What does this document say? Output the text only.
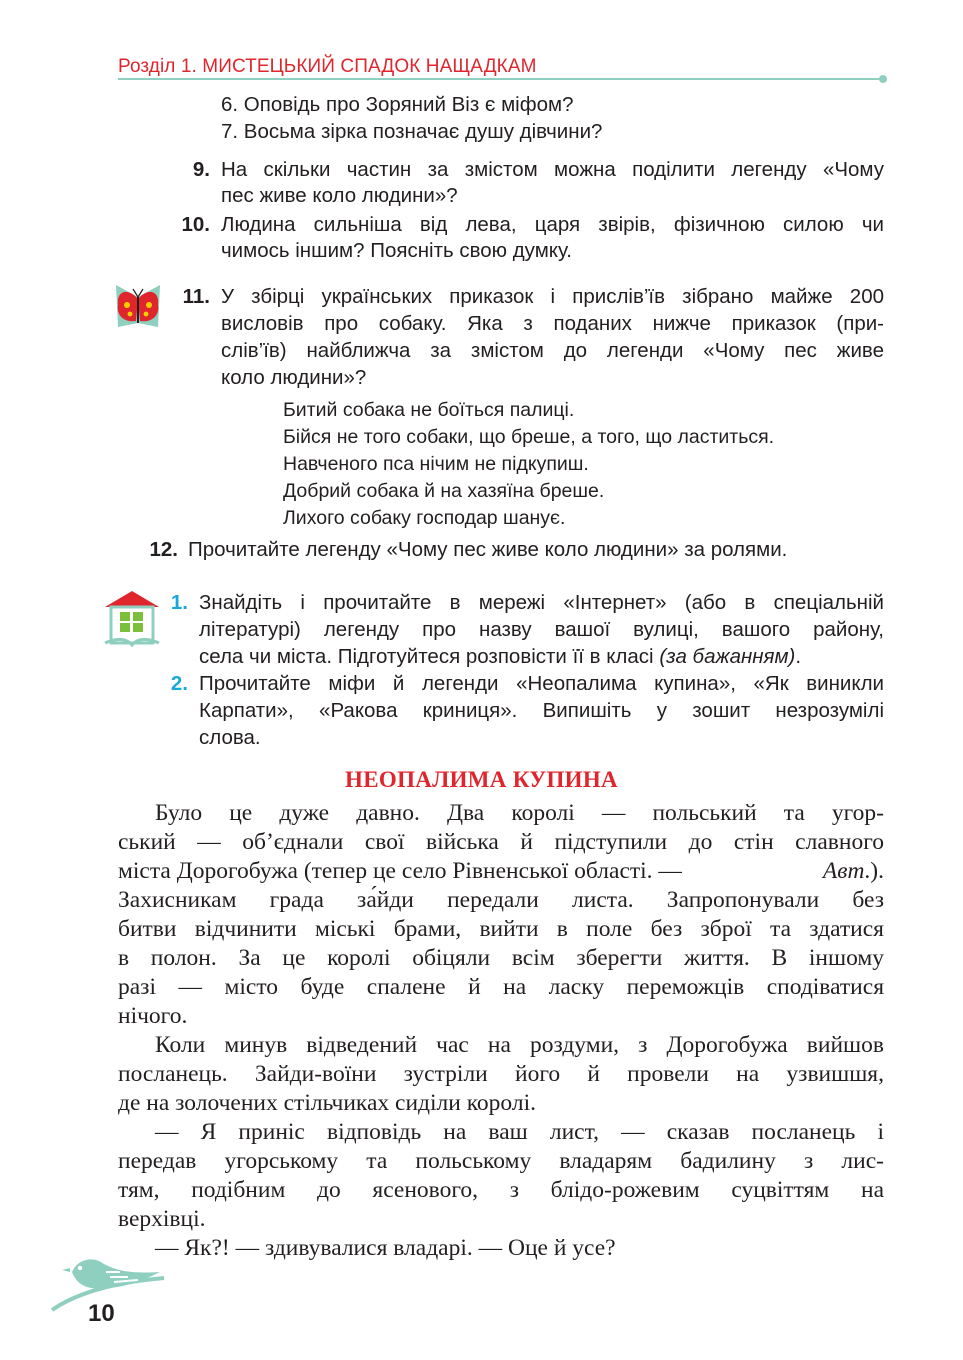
Розділ 1. МИСТЕЦЬКИЙ СПАДОК НАЩАДКАМ
6. Оповідь про Зоряний Віз є міфом?
7. Восьма зірка позначає душу дівчини?
9. На скільки частин за змістом можна поділити легенду «Чому
пес живе коло людини»?
10. Людина сильніша від лева, царя звірів, фізичною силою чи
чимось іншим? Поясніть свою думку.
11. У збірці українських приказок і прислів’їв зібрано майже 200
висловів про собаку. Яка з поданих нижче приказок (при-
слів’їв) найближча за змістом до легенди «Чому пес живе
коло людини»?
Битий собака не боїться палиці.
Бійся не того собаки, що бреше, а того, що ластиться.
Навченого пса нічим не підкупиш.
Добрий собака й на хазяїна бреше.
Лихого собаку господар шанує.
12. Прочитайте легенду «Чому пес живе коло людини» за ролями.
1. Знайдіть і прочитайте в мережі «Інтернет» (або в спеціальній
літературі) легенду про назву вашої вулиці, вашого району,
села чи міста. Підготуйтеся розповісти її в класі (за бажанням).
2. Прочитайте міфи й легенди «Неопалима купина», «Як виникли
Карпати», «Ракова криниця». Випишіть у зошит незрозумілі
слова.
НЕОПАЛИМА КУПИНА
Було це дуже давно. Два королі — польський та угор-
ський — об’єднали свої війська й підступили до стін славного
міста Дорогобужа (тепер це село Рівненської області. —	Авт.).
Захисникам града за́йди передали листа. Запропонували без
битви відчинити міські брами, вийти в поле без зброї та здатися
в полон. За це королі обіцяли всім зберегти життя. В іншому
разі — місто буде спалене й на ласку переможців сподіватися
нічого.
Коли минув відведений час на роздуми, з Дорогобужа вийшов
посланець. Зайди-воїни зустріли його й провели на узвишшя,
де на золочених стільчиках сиділи королі.
— Я приніс відповідь на ваш лист, — сказав посланець і
передав угорському та польському владарям бадилину з лис-
тям, подібним до ясенового, з блідо-рожевим суцвіттям на
верхівці.
— Як?! — здивувалися владарі. — Оце й усе?
10
